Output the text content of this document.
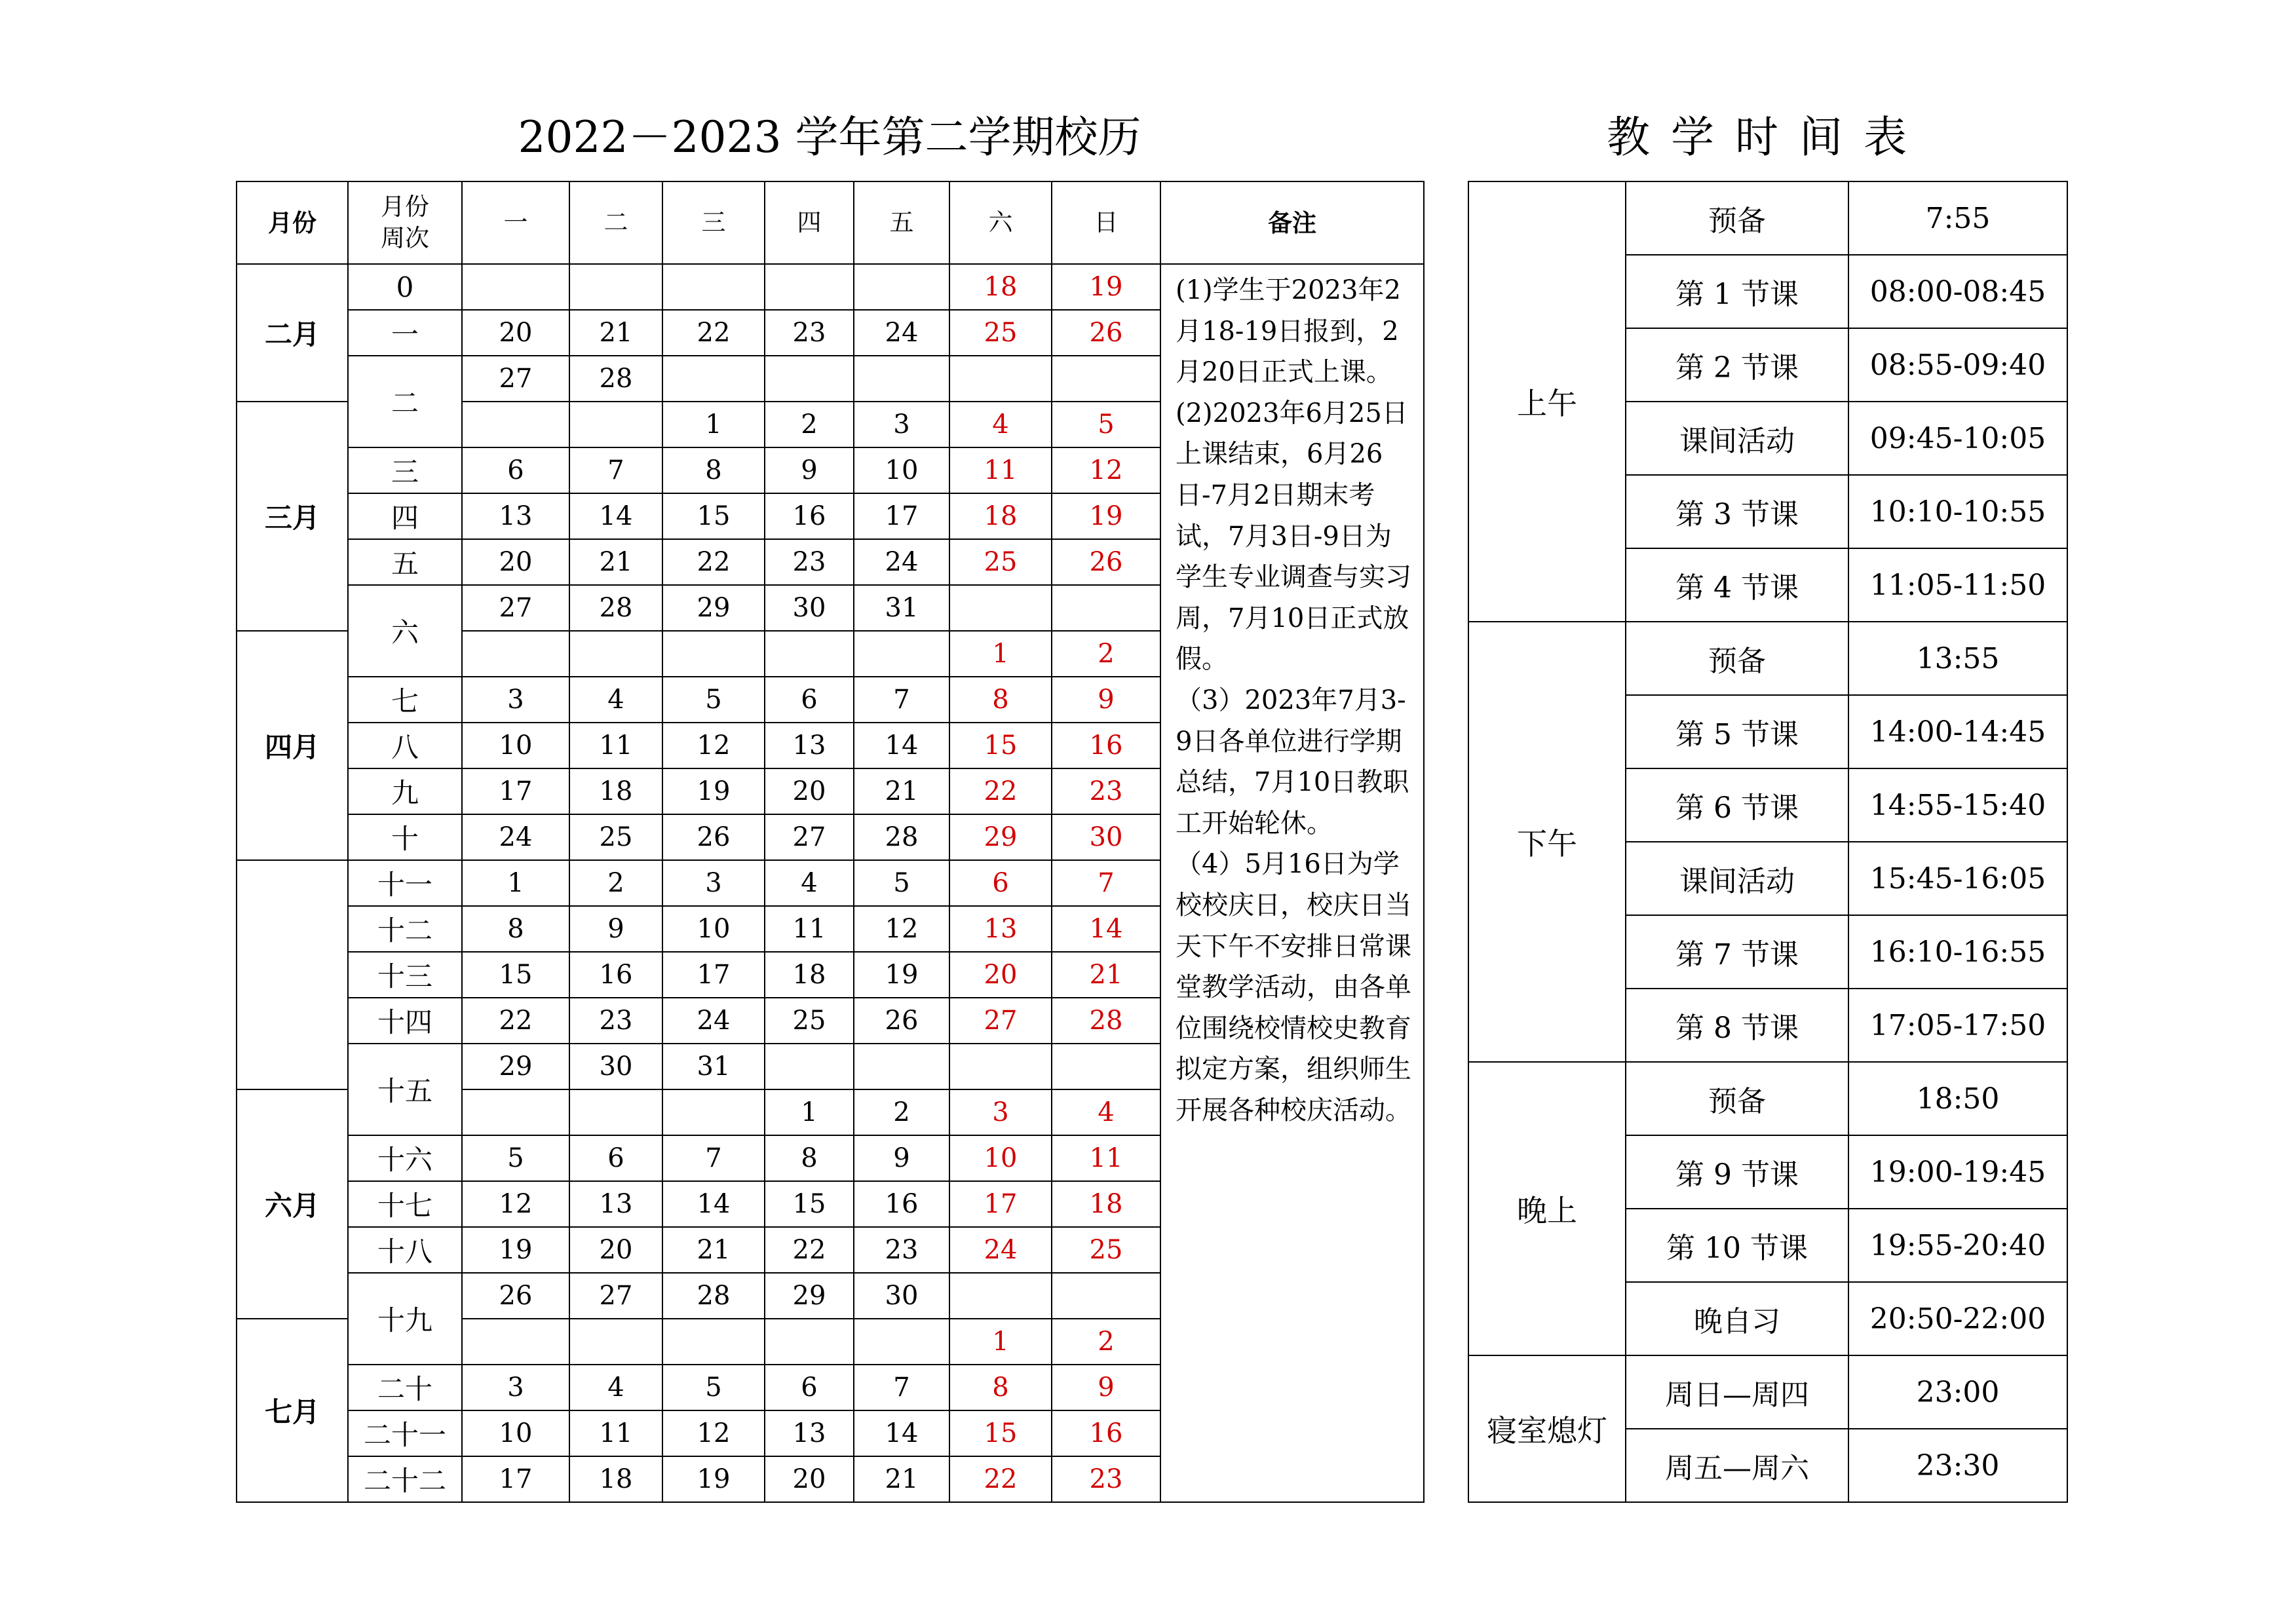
2022－2023 学年第二学期校历	教学时间表
月份	月份
周次	一	二	三	四	五	六	日	备注
二月	0						18	19	(1)学生于2023年2月18-19日报到，2月20日正式上课。

(2)2023年6月25日上课结束，6月26日-7月2日期末考试，7月3日-9日为学生专业调查与实习周，7月10日正式放假。

（3）2023年7月3-9日各单位进行学期总结，7月10日教职工开始轮休。

（4）5月16日为学校校庆日，校庆日当天下午不安排日常课堂教学活动，由各单位围绕校情校史教育拟定方案，组织师生开展各种校庆活动。

	一	20	21	22	23	24	25	26	
	二	27	28						
三月				1	2	3	4	5	
	三	6	7	8	9	10	11	12	
	四	13	14	15	16	17	18	19	
	五	20	21	22	23	24	25	26	
	六	27	28	29	30	31			
四月							1	2	
	七	3	4	5	6	7	8	9	
	八	10	11	12	13	14	15	16	
	九	17	18	19	20	21	22	23	
	十	24	25	26	27	28	29	30	
	十一	1	2	3	4	5	6	7	
	十二	8	9	10	11	12	13	14	
	十三	15	16	17	18	19	20	21	
	十四	22	23	24	25	26	27	28	
	十五	29	30	31					
六月					1	2	3	4	
	十六	5	6	7	8	9	10	11	
	十七	12	13	14	15	16	17	18	
	十八	19	20	21	22	23	24	25	
	十九	26	27	28	29	30			
七月							1	2	
	二十	3	4	5	6	7	8	9	
	二十一	10	11	12	13	14	15	16	
	二十二	17	18	19	20	21	22	23	
上午	预备	7:55
	第 1 节课	08:00-08:45
	第 2 节课	08:55-09:40
	课间活动	09:45-10:05
	第 3 节课	10:10-10:55
	第 4 节课	11:05-11:50
下午	预备	13:55
	第 5 节课	14:00-14:45
	第 6 节课	14:55-15:40
	课间活动	15:45-16:05
	第 7 节课	16:10-16:55
	第 8 节课	17:05-17:50
晚上	预备	18:50
	第 9 节课	19:00-19:45
	第 10 节课	19:55-20:40
	晚自习	20:50-22:00
寝室熄灯	周日—周四	23:00
	周五—周六	23:30
